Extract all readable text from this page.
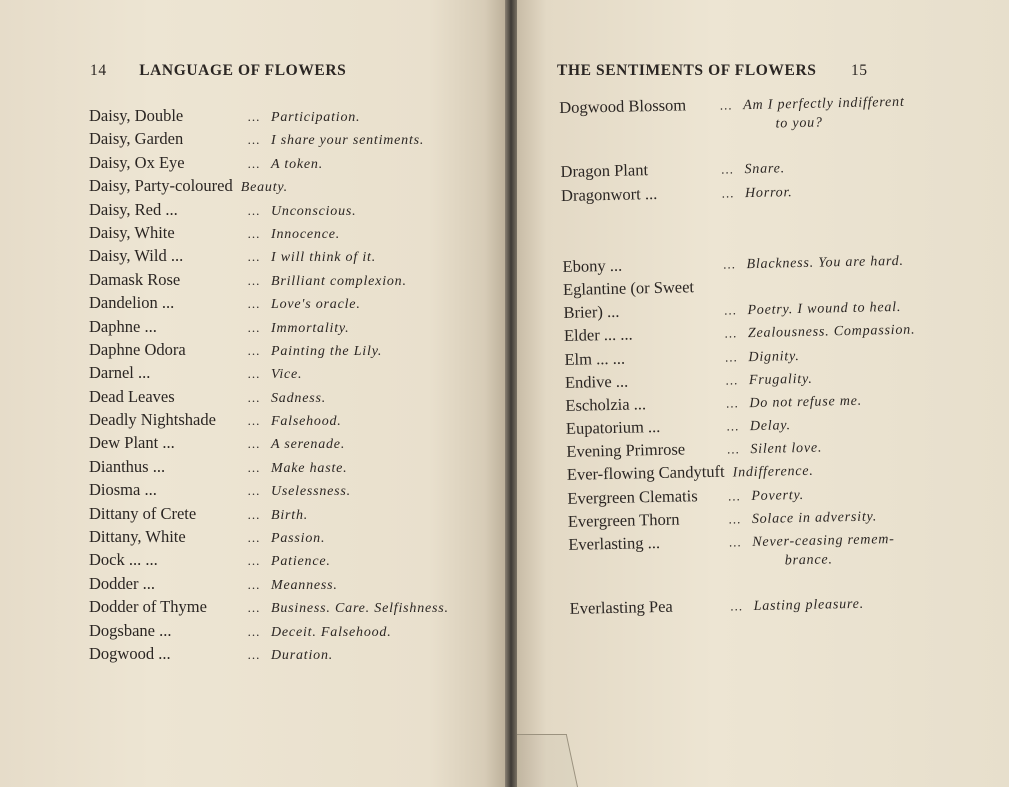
14 LANGUAGE OF FLOWERS
Daisy, Double	... Participation.
Daisy, Garden	... I share your sentiments.
Daisy, Ox Eye	... A token.
Daisy, Party-coloured Beauty.
Daisy, Red ...	... Unconscious.
Daisy, White	... Innocence.
Daisy, Wild ...	... I will think of it.
Damask Rose	... Brilliant complexion.
Dandelion ...	... Love's oracle.
Daphne ...	... Immortality.
Daphne Odora	... Painting the Lily.
Darnel ...	... Vice.
Dead Leaves	... Sadness.
Deadly Nightshade	... Falsehood.
Dew Plant ...	... A serenade.
Dianthus ...	... Make haste.
Diosma ...	... Uselessness.
Dittany of Crete	... Birth.
Dittany, White	... Passion.
Dock ... ...	... Patience.
Dodder ...	... Meanness.
Dodder of Thyme	... Business. Care. Selfishness.
Dogsbane ...	... Deceit. Falsehood.
Dogwood ...	... Duration.
THE SENTIMENTS OF FLOWERS 15
Dogwood Blossom	... Am I perfectly indifferent
to you?
Dragon Plant	... Snare.
Dragonwort ...	... Horror.
Ebony ...	... Blackness. You are hard.
Eglantine (or Sweet
Brier) ...	... Poetry. I wound to heal.
Elder ... ...	... Zealousness. Compassion.
Elm ... ...	... Dignity.
Endive ...	... Frugality.
Escholzia ...	... Do not refuse me.
Eupatorium ...	... Delay.
Evening Primrose	... Silent love.
Ever-flowing Candytuft Indifference.
Evergreen Clematis	... Poverty.
Evergreen Thorn	... Solace in adversity.
Everlasting ...	... Never-ceasing remem-
brance.
Everlasting Pea	... Lasting pleasure.
